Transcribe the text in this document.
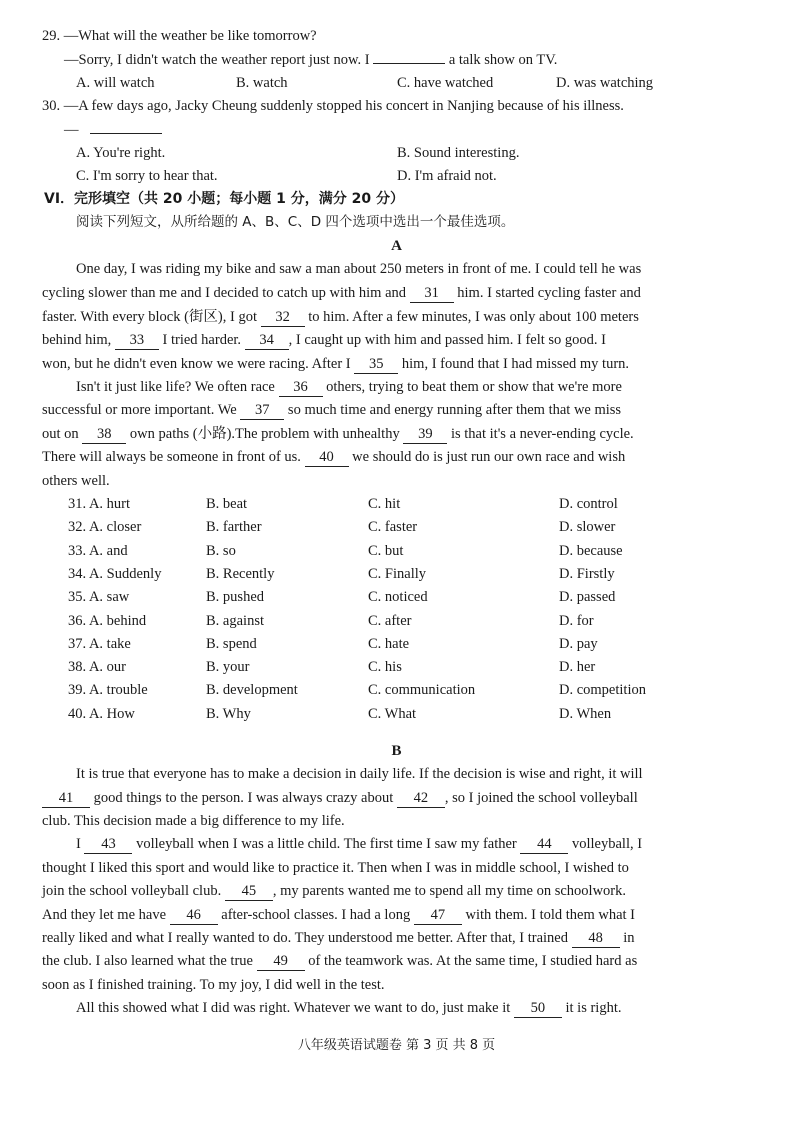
29. —What will the weather be like tomorrow?
—Sorry, I didn't watch the weather report just now. I	a talk show on TV.
A. will watch	B. watch	C. have watched	D. was watching
30. —A few days ago, Jacky Cheung suddenly stopped his concert in Nanjing because of his illness.
—
A. You're right.	B. Sound interesting.
C. I'm sorry to hear that.	D. I'm afraid not.
VI．完形填空（共 20 小题；每小题 1 分，满分 20 分）
阅读下列短文，从所给题的 A、B、C、D 四个选项中选出一个最佳选项。
A
One day, I was riding my bike and saw a man about 250 meters in front of me. I could tell he was
cycling slower than me and I decided to catch up with him and 31 him. I started cycling faster and
faster. With every block (街区), I got 32 to him. After a few minutes, I was only about 100 meters
behind him, 33 I tried harder. 34 , I caught up with him and passed him. I felt so good. I
won, but he didn't even know we were racing. After I 35 him, I found that I had missed my turn.
Isn't it just like life? We often race 36 others, trying to beat them or show that we're more
successful or more important. We 37 so much time and energy running after them that we miss
out on 38 own paths (小路).The problem with unhealthy 39 is that it's a never-ending cycle.
There will always be someone in front of us. 40 we should do is just run our own race and wish
others well.
31. A. hurt	B. beat	C. hit	D. control
32. A. closer	B. farther	C. faster	D. slower
33. A. and	B. so	C. but	D. because
34. A. Suddenly	B. Recently	C. Finally	D. Firstly
35. A. saw	B. pushed	C. noticed	D. passed
36. A. behind	B. against	C. after	D. for
37. A. take	B. spend	C. hate	D. pay
38. A. our	B. your	C. his	D. her
39. A. trouble	B. development	C. communication	D. competition
40. A. How	B. Why	C. What	D. When
B
It is true that everyone has to make a decision in daily life. If the decision is wise and right, it will
41 good things to the person. I was always crazy about 42 , so I joined the school volleyball
club. This decision made a big difference to my life.
I 43 volleyball when I was a little child. The first time I saw my father 44 volleyball, I
thought I liked this sport and would like to practice it. Then when I was in middle school, I wished to
join the school volleyball club. 45 , my parents wanted me to spend all my time on schoolwork.
And they let me have 46 after-school classes. I had a long 47 with them. I told them what I
really liked and what I really wanted to do. They understood me better. After that, I trained 48 in
the club. I also learned what the true 49 of the teamwork was. At the same time, I studied hard as
soon as I finished training. To my joy, I did well in the test.
All this showed what I did was right. Whatever we want to do, just make it 50 it is right.
八年级英语试题卷 第 3 页 共 8 页
